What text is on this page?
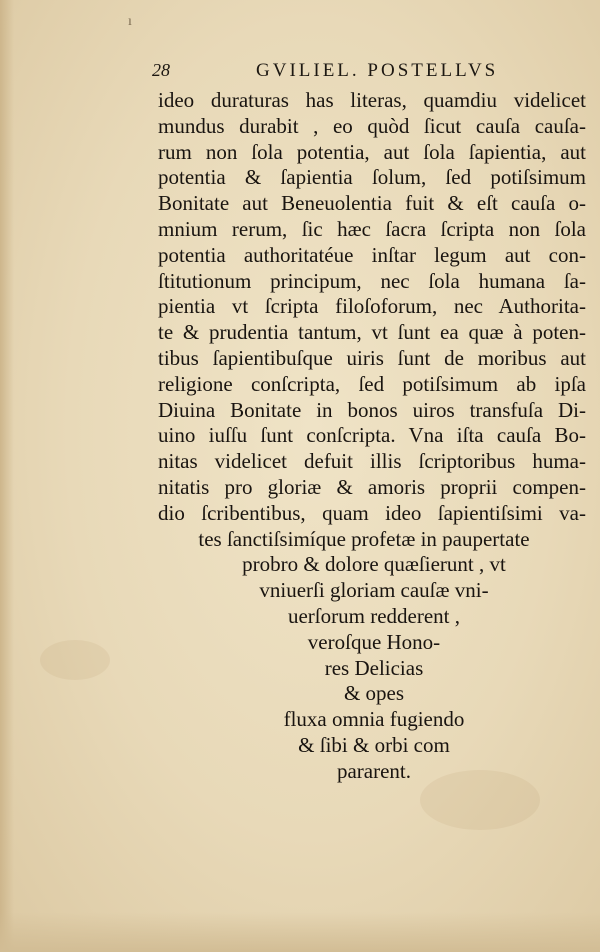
ı
28	GVILIEL. POSTELLVS
ideo duraturas has literas, quamdiu videlicet
mundus durabit , eo quòd ſicut cauſa cauſa-
rum non ſola potentia, aut ſola ſapientia, aut
potentia & ſapientia ſolum, ſed potiſsimum
Bonitate aut Beneuolentia fuit & eſt cauſa o-
mnium rerum, ſic hæc ſacra ſcripta non ſola
potentia authoritatéue inſtar legum aut con-
ſtitutionum principum, nec ſola humana ſa-
pientia vt ſcripta filoſoforum, nec Authorita-
te & prudentia tantum, vt ſunt ea quæ à poten-
tibus ſapientibuſque uiris ſunt de moribus aut
religione conſcripta, ſed potiſsimum ab ipſa
Diuina Bonitate in bonos uiros transfuſa Di-
uino iuſſu ſunt conſcripta. Vna iſta cauſa Bo-
nitas videlicet defuit illis ſcriptoribus huma-
nitatis pro gloriæ & amoris proprii compen-
dio ſcribentibus, quam ideo ſapientiſsimi va-
tes ſanctiſsimíque profetæ in paupertate
probro & dolore quæſierunt , vt
vniuerſi gloriam cauſæ vni-
uerſorum redderent ,
veroſque Hono-
res Delicias
& opes
fluxa omnia fugiendo
& ſibi & orbi com
pararent.
